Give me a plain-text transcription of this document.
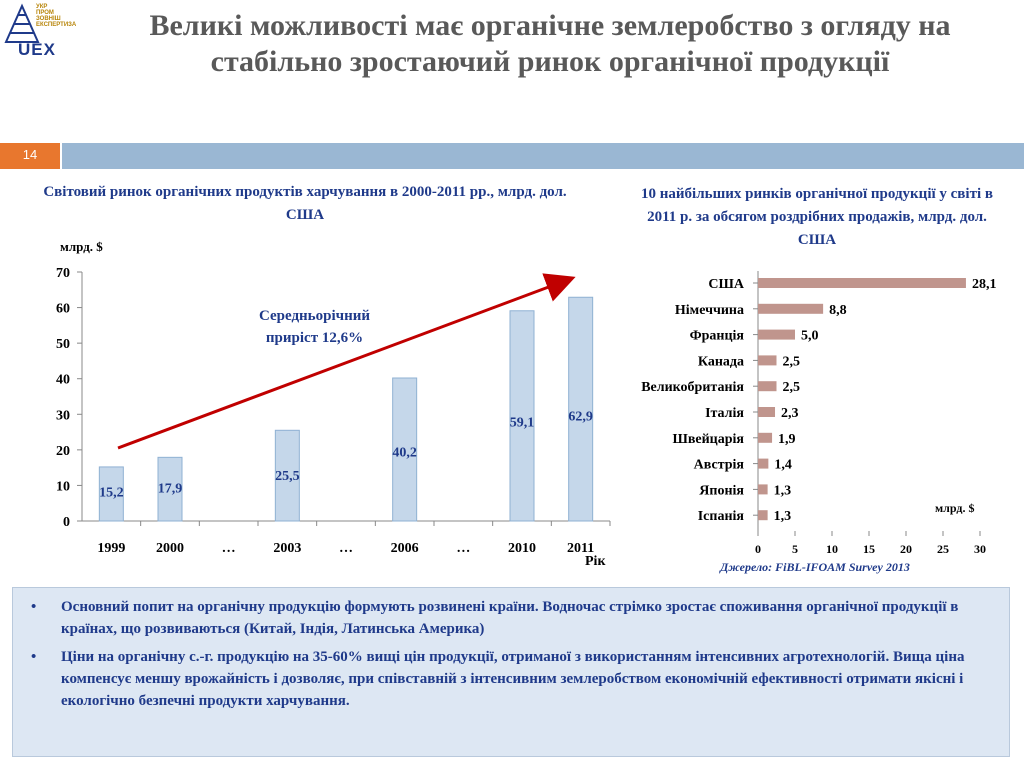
УКР
ПРОМ
ЗОВНІШ
ЕКСПЕРТИЗА
UEX
Великі можливості має органічне землеробство з огляду на стабільно зростаючий ринок органічної продукції
14
Світовий ринок органічних продуктів харчування в 2000-2011 рр., млрд. дол. США
10 найбільших ринків органічної продукції у світі в 2011 р. за обсягом роздрібних продажів, млрд. дол. США
млрд. $
Рік
0
10
20
30
40
50
60
70
15,2 17,9
25,5
40,2
59,1 62,9
1999 2000	…	2003	…	2006	…	2010 2011
Середньорічний приріст 12,6%
США	28,1
Німеччина	8,8
Франція	5,0
Канада	2,5
Великобританія	2,5
Італія	2,3
Швейцарія 1,9
Австрія 1,4
Японія 1,3
Іспанія 1,3
0	5 10 15 20 25 30
млрд. $
Джерело: FiBL-IFOAM Survey 2013
• Основний попит на органічну продукцію формують розвинені країни. Водночас стрімко зростає споживання органічної продукції в країнах, що розвиваються (Китай, Індія, Латинська Америка)
• Ціни на органічну с.-г. продукцію на 35-60% вищі цін продукції, отриманої з використанням інтенсивних агротехнологій. Вища ціна компенсує меншу врожайність і дозволяє, при співставній з інтенсивним землеробством економічній ефективності отримати якісні і екологічно безпечні продукти харчування.
